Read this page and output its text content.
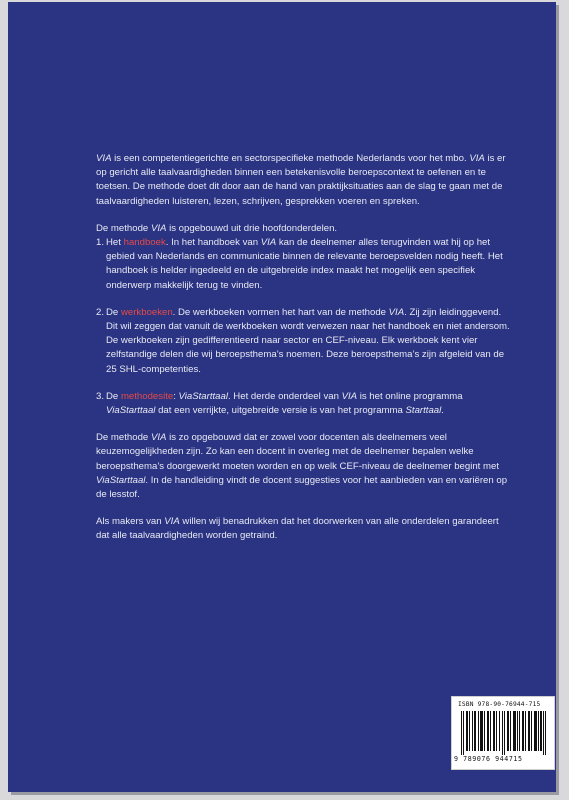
VIA is een competentiegerichte en sectorspecifieke methode Nederlands voor het mbo. VIA is er op gericht alle taalvaardigheden binnen een betekenisvolle beroepscontext te oefenen en te toetsen. De methode doet dit door aan de hand van praktijksituaties aan de slag te gaan met de taalvaardigheden luisteren, lezen, schrijven, gesprekken voeren en spreken.

De methode VIA is opgebouwd uit drie hoofdonderdelen.

1. Het handboek. In het handboek van VIA kan de deelnemer alles terugvinden wat hij op het gebied van Nederlands en communicatie binnen de relevante beroepsvelden nodig heeft. Het handboek is helder ingedeeld en de uitgebreide index maakt het mogelijk een specifiek onderwerp makkelijk terug te vinden.
2. De werkboeken. De werkboeken vormen het hart van de methode VIA. Zij zijn leidinggevend. Dit wil zeggen dat vanuit de werkboeken wordt verwezen naar het handboek en niet andersom. De werkboeken zijn gedifferentieerd naar sector en CEF-niveau. Elk werkboek kent vier zelfstandige delen die wij beroepsthema’s noemen. Deze beroepsthema’s zijn afgeleid van de 25 SHL-competenties.
3. De methodesite: ViaStarttaal. Het derde onderdeel van VIA is het online programma ViaStarttaal dat een verrijkte, uitgebreide versie is van het programma Starttaal.

De methode VIA is zo opgebouwd dat er zowel voor docenten als deelnemers veel keuzemogelijkheden zijn. Zo kan een docent in overleg met de deelnemer bepalen welke beroepsthema’s doorgewerkt moeten worden en op welk CEF-niveau de deelnemer begint met ViaStarttaal. In de handleiding vindt de docent suggesties voor het aanbieden van en variëren op de lesstof.

Als makers van VIA willen wij benadrukken dat het doorwerken van alle onderdelen garandeert dat alle taalvaardigheden worden getraind.

ISBN 978-90-76944-715
9 789076 944715
